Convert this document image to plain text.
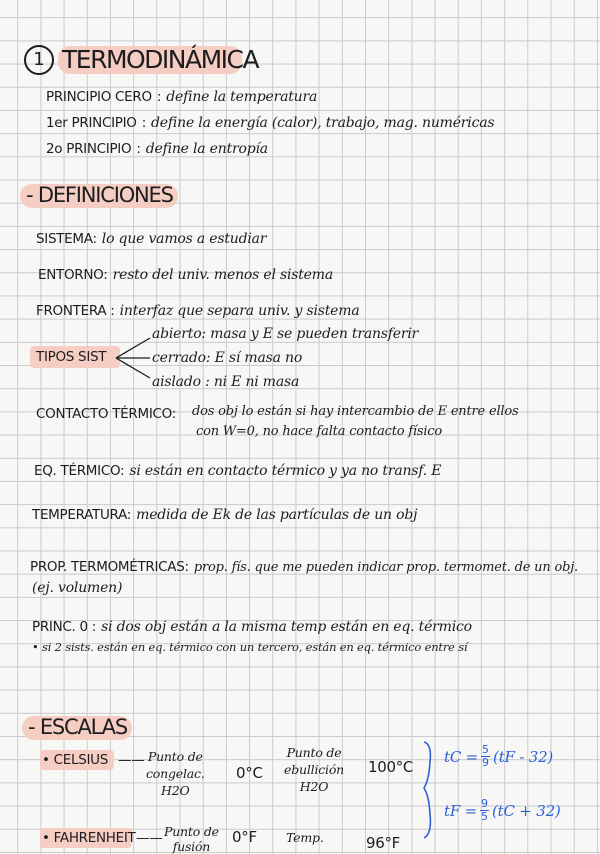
1 TERMODINÁMICA
PRINCIPIO CERO : define la temperatura
1er PRINCIPIO : define la energía (calor), trabajo, mag. numéricas
2o PRINCIPIO : define la entropía
- DEFINICIONES
SISTEMA: lo que vamos a estudiar
ENTORNO: resto del univ. menos el sistema
FRONTERA : interfaz que separa univ. y sistema
TIPOS SIST
abierto: masa y E se pueden transferir
cerrado: E sí masa no
aislado : ni E ni masa
CONTACTO TÉRMICO: dos obj lo están si hay intercambio de E entre ellos
con W=0, no hace falta contacto físico
EQ. TÉRMICO: si están en contacto térmico y ya no transf. E
TEMPERATURA: medida de Ek de las partículas de un obj
PROP. TERMOMÉTRICAS: prop. fís. que me pueden indicar prop. termomet. de un obj.
(ej. volumen)
PRINC. 0 : si dos obj están a la misma temp están en eq. térmico
• si 2 sists. están en eq. térmico con un tercero, están en eq. térmico entre sí
- ESCALAS
• CELSIUS —— Punto de
congelac.
H2O
0°C
Punto de
ebullición
H2O
100°C
tC = $\frac{5}{9} (tF - 32)$
tF = $\frac{9}{5} (tC + 32)$
• FAHRENHEIT —— Punto de
fusión
0°F Temp.	96°F
